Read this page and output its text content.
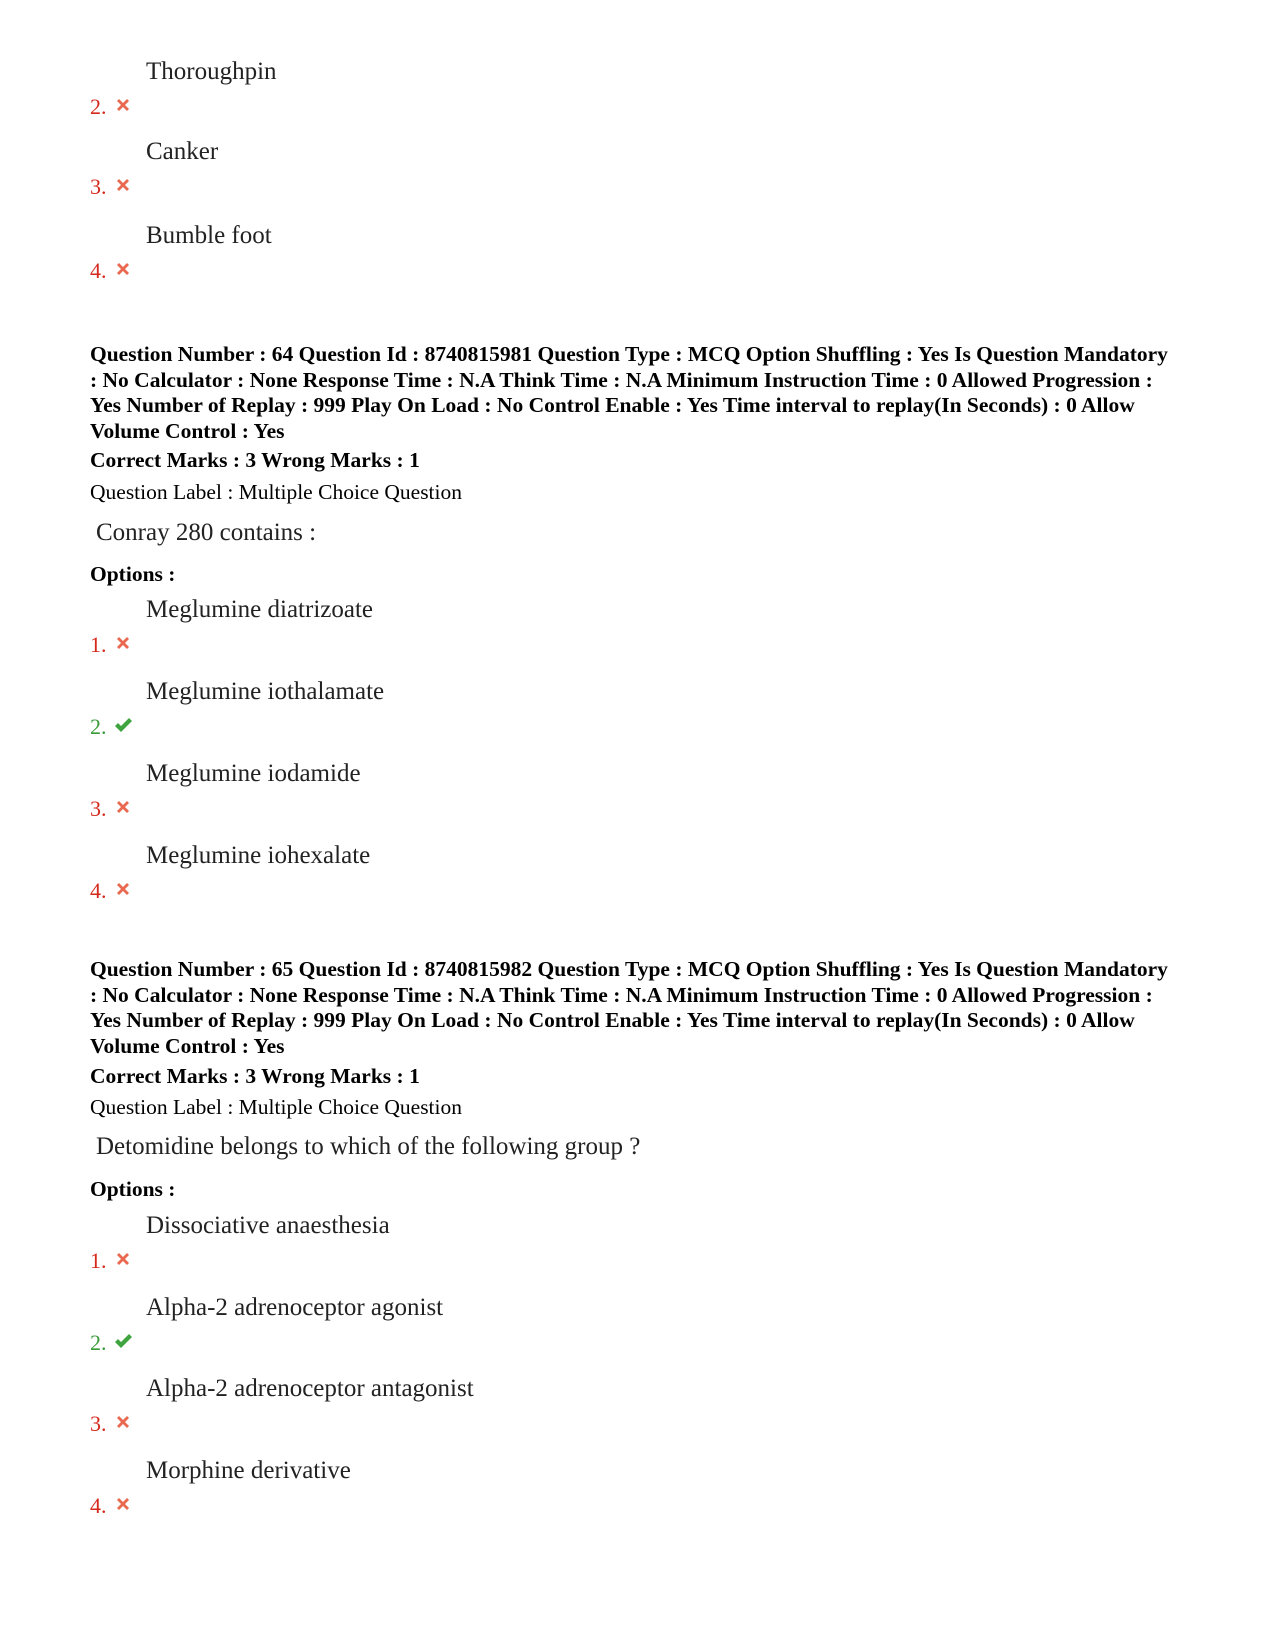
2.
Thoroughpin
3.
Canker
4.
Bumble foot
Question Number : 64 Question Id : 8740815981 Question Type : MCQ Option Shuffling : Yes Is Question Mandatory : No Calculator : None Response Time : N.A Think Time : N.A Minimum Instruction Time : 0 Allowed Progression : Yes Number of Replay : 999 Play On Load : No Control Enable : Yes Time interval to replay(In Seconds) : 0 Allow Volume Control : Yes
Correct Marks : 3 Wrong Marks : 1
Question Label : Multiple Choice Question
Conray 280 contains :
Options :
1.
Meglumine diatrizoate
2.
Meglumine iothalamate
3.
Meglumine iodamide
4.
Meglumine iohexalate
Question Number : 65 Question Id : 8740815982 Question Type : MCQ Option Shuffling : Yes Is Question Mandatory : No Calculator : None Response Time : N.A Think Time : N.A Minimum Instruction Time : 0 Allowed Progression : Yes Number of Replay : 999 Play On Load : No Control Enable : Yes Time interval to replay(In Seconds) : 0 Allow Volume Control : Yes
Correct Marks : 3 Wrong Marks : 1
Question Label : Multiple Choice Question
Detomidine belongs to which of the following group ?
Options :
1.
Dissociative anaesthesia
2.
Alpha-2 adrenoceptor agonist
3.
Alpha-2 adrenoceptor antagonist
4.
Morphine derivative
